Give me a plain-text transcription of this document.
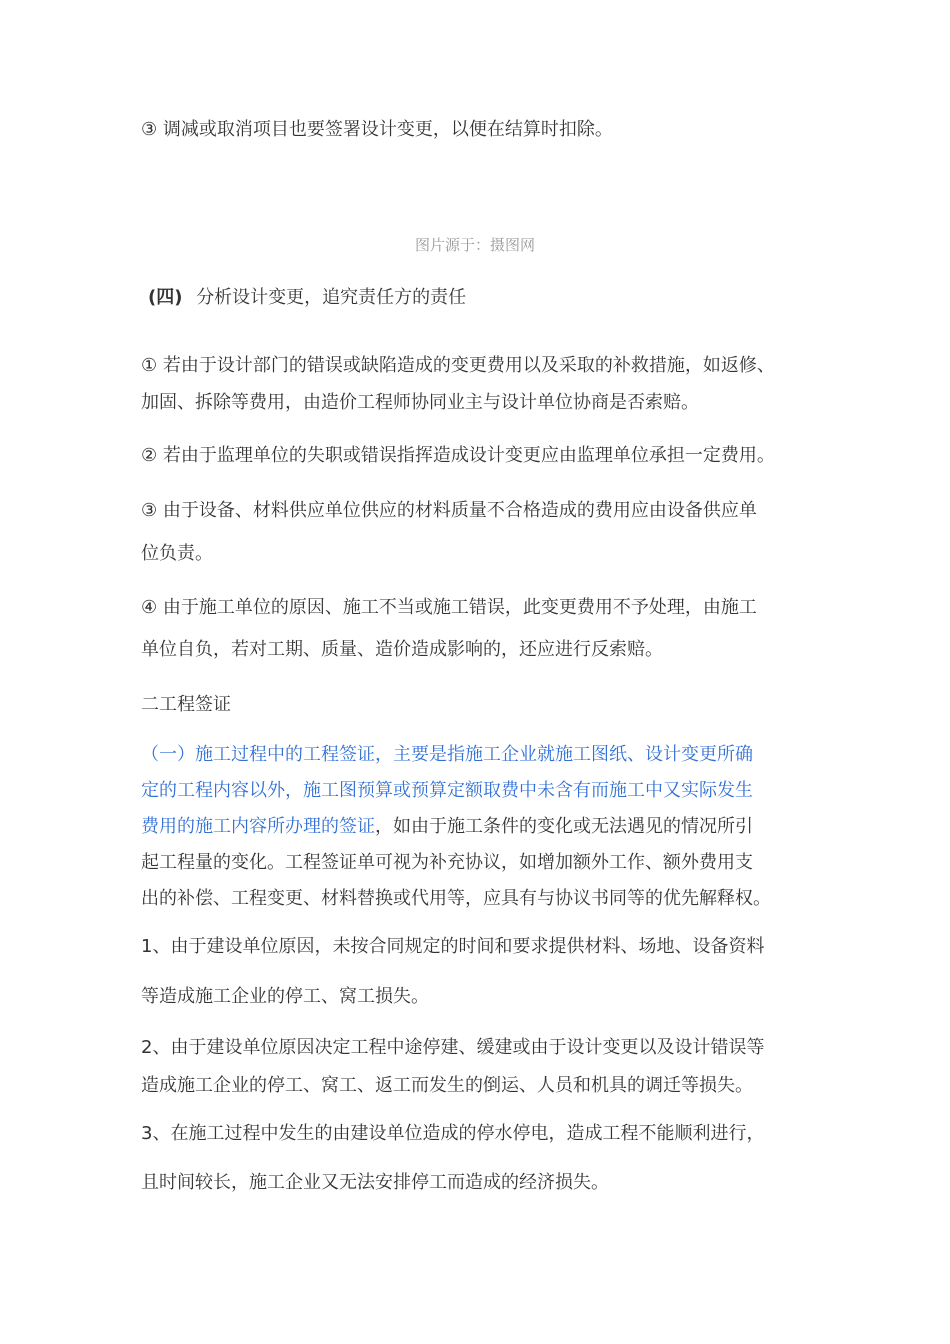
③ 调减或取消项目也要签署设计变更，以便在结算时扣除。
图片源于：摄图网
(四) 分析设计变更，追究责任方的责任
① 若由于设计部门的错误或缺陷造成的变更费用以及采取的补救措施，如返修、
加固、拆除等费用，由造价工程师协同业主与设计单位协商是否索赔。
② 若由于监理单位的失职或错误指挥造成设计变更应由监理单位承担一定费用。
③ 由于设备、材料供应单位供应的材料质量不合格造成的费用应由设备供应单
位负责。
④ 由于施工单位的原因、施工不当或施工错误，此变更费用不予处理，由施工
单位自负，若对工期、质量、造价造成影响的，还应进行反索赔。
二工程签证
（一）施工过程中的工程签证，主要是指施工企业就施工图纸、设计变更所确
定的工程内容以外，施工图预算或预算定额取费中未含有而施工中又实际发生
费用的施工内容所办理的签证，如由于施工条件的变化或无法遇见的情况所引
起工程量的变化。工程签证单可视为补充协议，如增加额外工作、额外费用支
出的补偿、工程变更、材料替换或代用等，应具有与协议书同等的优先解释权。
1、由于建设单位原因，未按合同规定的时间和要求提供材料、场地、设备资料
等造成施工企业的停工、窝工损失。
2、由于建设单位原因决定工程中途停建、缓建或由于设计变更以及设计错误等
造成施工企业的停工、窝工、返工而发生的倒运、人员和机具的调迁等损失。
3、在施工过程中发生的由建设单位造成的停水停电，造成工程不能顺利进行，
且时间较长，施工企业又无法安排停工而造成的经济损失。
